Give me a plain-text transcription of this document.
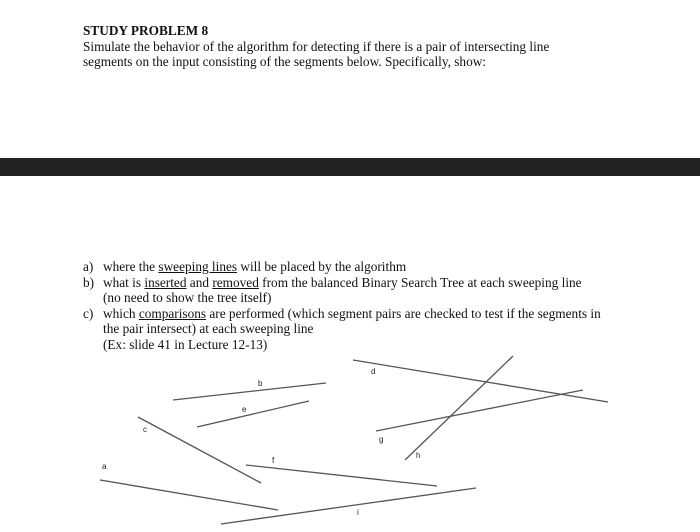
STUDY PROBLEM 8
Simulate the behavior of the algorithm for detecting if there is a pair of intersecting line
segments on the input consisting of the segments below. Specifically, show:
a) where the sweeping lines will be placed by the algorithm
b) what is inserted and removed from the balanced Binary Search Tree at each sweeping line
(no need to show the tree itself)
c) which comparisons are performed (which segment pairs are checked to test if the segments in
the pair intersect) at each sweeping line
(Ex: slide 41 in Lecture 12-13)
a
b
c
d
e
f
g
h
i
